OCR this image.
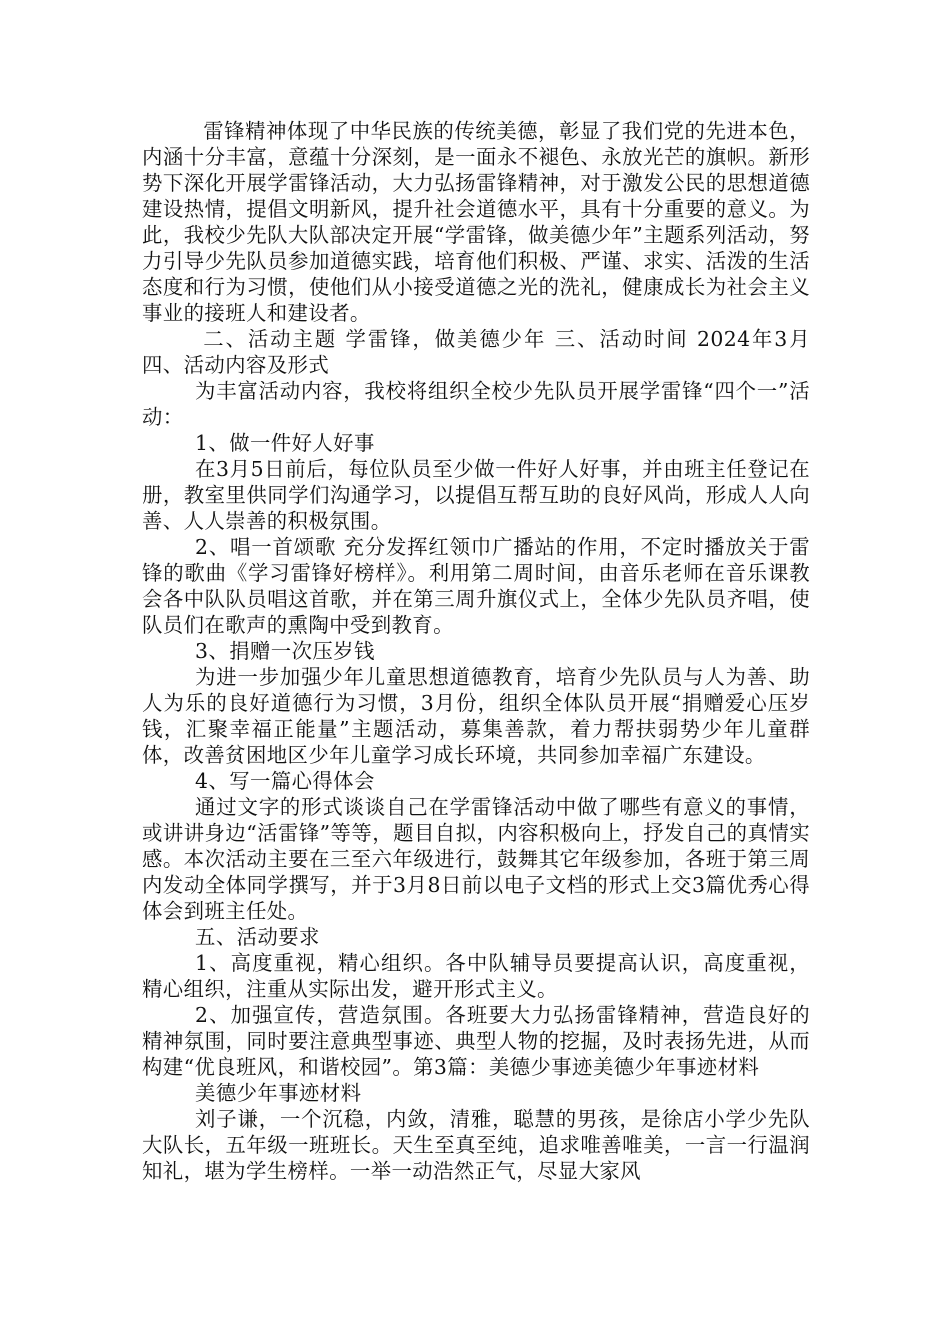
雷锋精神体现了中华民族的传统美德，彰显了我们党的先进本色，内涵十分丰富，意蕴十分深刻，是一面永不褪色、永放光芒的旗帜。新形势下深化开展学雷锋活动，大力弘扬雷锋精神，对于激发公民的思想道德建设热情，提倡文明新风，提升社会道德水平，具有十分重要的意义。为此，我校少先队大队部决定开展“学雷锋，做美德少年”主题系列活动，努力引导少先队员参加道德实践，培育他们积极、严谨、求实、活泼的生活态度和行为习惯，使他们从小接受道德之光的洗礼，健康成长为社会主义事业的接班人和建设者。

二、活动主题 学雷锋，做美德少年 三、活动时间 2024年3月 四、活动内容及形式

为丰富活动内容，我校将组织全校少先队员开展学雷锋“四个一”活动：

1、做一件好人好事

在3月5日前后，每位队员至少做一件好人好事，并由班主任登记在册，教室里供同学们沟通学习，以提倡互帮互助的良好风尚，形成人人向善、人人崇善的积极氛围。

2、唱一首颂歌 充分发挥红领巾广播站的作用，不定时播放关于雷锋的歌曲《学习雷锋好榜样》。利用第二周时间，由音乐老师在音乐课教会各中队队员唱这首歌，并在第三周升旗仪式上，全体少先队员齐唱，使队员们在歌声的熏陶中受到教育。

3、捐赠一次压岁钱

为进一步加强少年儿童思想道德教育，培育少先队员与人为善、助人为乐的良好道德行为习惯，3月份，组织全体队员开展“捐赠爱心压岁钱，汇聚幸福正能量”主题活动，募集善款，着力帮扶弱势少年儿童群体，改善贫困地区少年儿童学习成长环境，共同参加幸福广东建设。

4、写一篇心得体会

通过文字的形式谈谈自己在学雷锋活动中做了哪些有意义的事情，或讲讲身边“活雷锋”等等，题目自拟，内容积极向上，抒发自己的真情实感。本次活动主要在三至六年级进行，鼓舞其它年级参加，各班于第三周内发动全体同学撰写，并于3月8日前以电子文档的形式上交3篇优秀心得体会到班主任处。

五、活动要求

1、高度重视，精心组织。各中队辅导员要提高认识，高度重视，精心组织，注重从实际出发，避开形式主义。

2、加强宣传，营造氛围。各班要大力弘扬雷锋精神，营造良好的精神氛围，同时要注意典型事迹、典型人物的挖掘，及时表扬先进，从而构建“优良班风，和谐校园”。第3篇：美德少事迹美德少年事迹材料

美德少年事迹材料

刘子谦，一个沉稳，内敛，清雅，聪慧的男孩，是徐店小学少先队大队长，五年级一班班长。天生至真至纯，追求唯善唯美，一言一行温润知礼，堪为学生榜样。一举一动浩然正气，尽显大家风
